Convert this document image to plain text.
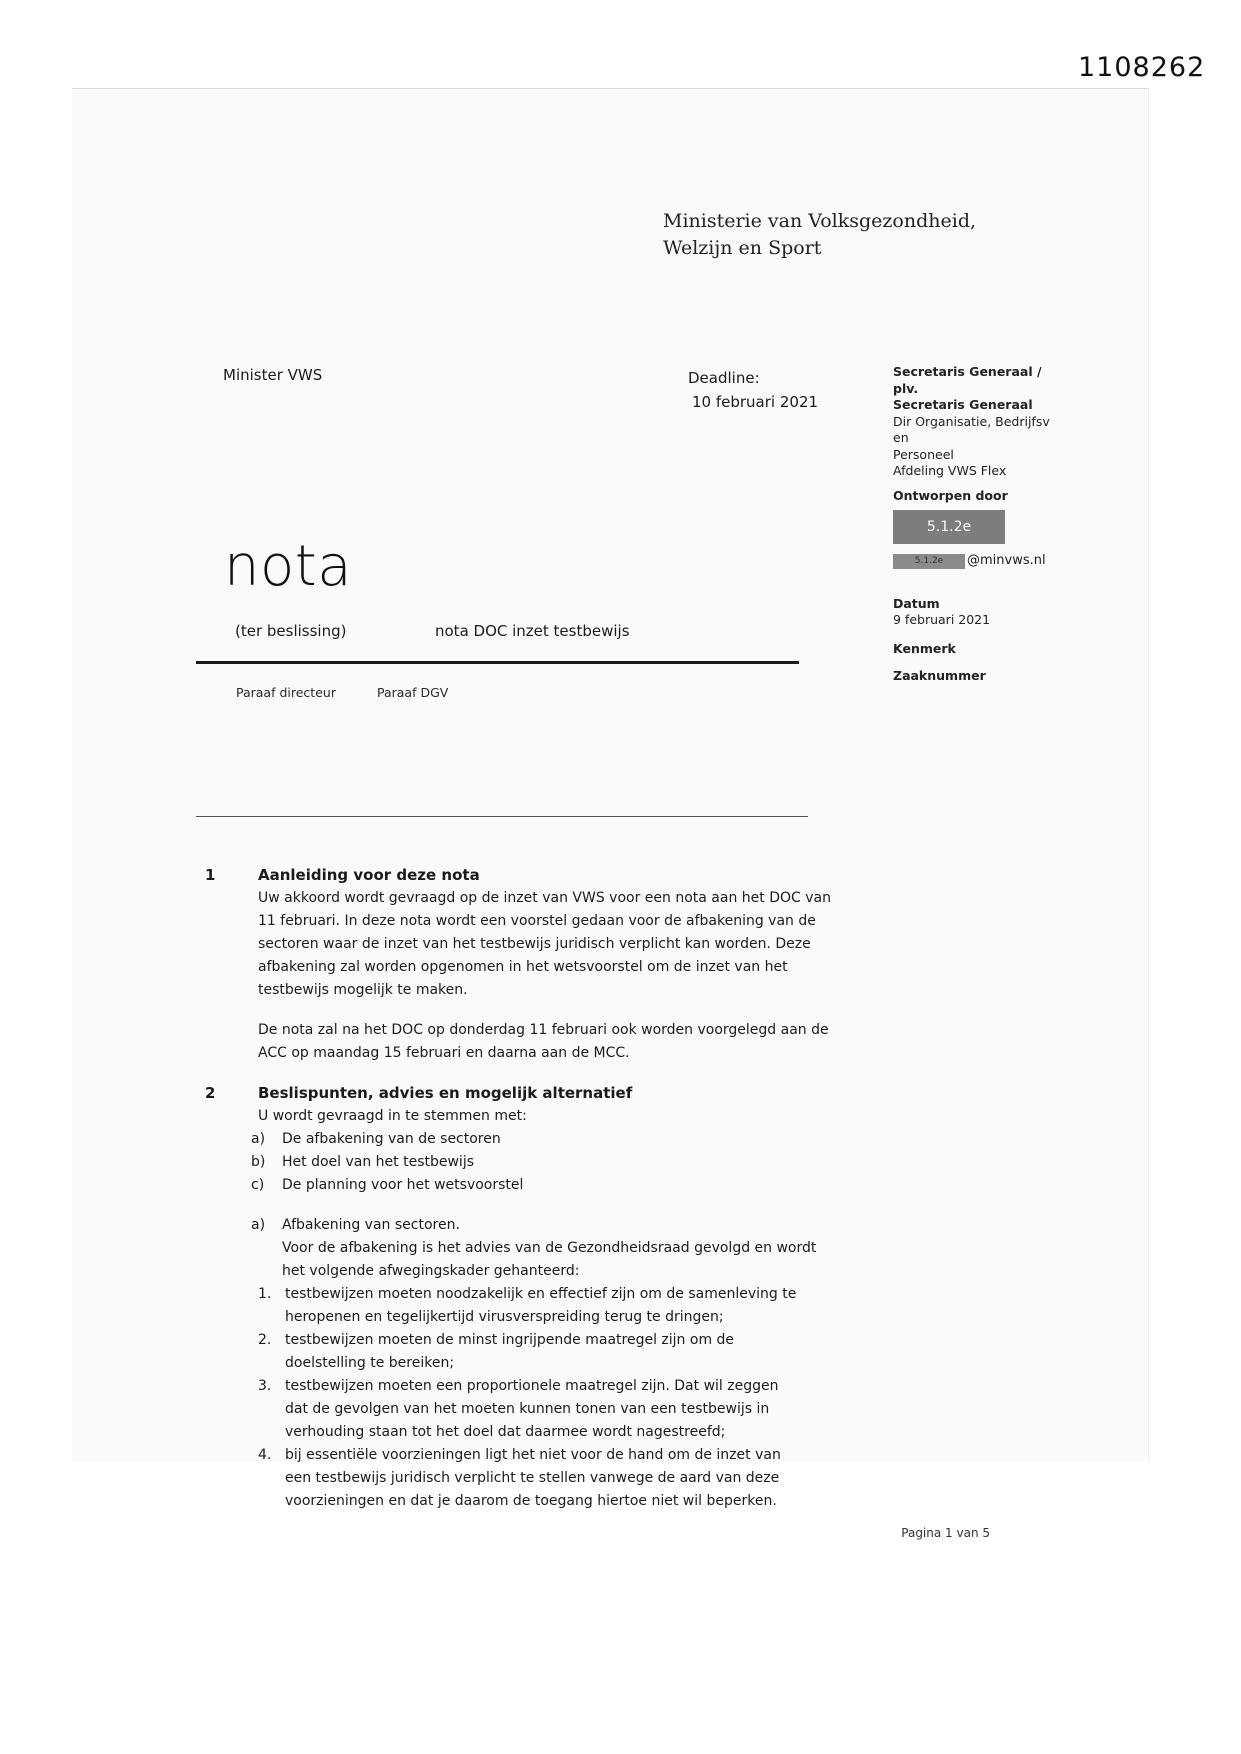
1108262
Ministerie van Volksgezondheid,
Welzijn en Sport
Minister VWS	Deadline:
10 februari 2021
Secretaris Generaal / plv.
Secretaris Generaal
Dir Organisatie, Bedrijfsv en
Personeel
Afdeling VWS Flex
Ontworpen door
5.1.2e
5.1.2e @minvws.nl
Datum
9 februari 2021
Kenmerk
Zaaknummer
nota
(ter beslissing)	nota DOC inzet testbewijs
Paraaf directeur	Paraaf DGV
1	Aanleiding voor deze nota
Uw akkoord wordt gevraagd op de inzet van VWS voor een nota aan het DOC van 11 februari. In deze nota wordt een voorstel gedaan voor de afbakening van de sectoren waar de inzet van het testbewijs juridisch verplicht kan worden. Deze afbakening zal worden opgenomen in het wetsvoorstel om de inzet van het testbewijs mogelijk te maken.
De nota zal na het DOC op donderdag 11 februari ook worden voorgelegd aan de ACC op maandag 15 februari en daarna aan de MCC.
2	Beslispunten, advies en mogelijk alternatief
U wordt gevraagd in te stemmen met:
a)	De afbakening van de sectoren
b)	Het doel van het testbewijs
c)	De planning voor het wetsvoorstel
a)	Afbakening van sectoren.
Voor de afbakening is het advies van de Gezondheidsraad gevolgd en wordt het volgende afwegingskader gehanteerd:
1. testbewijzen moeten noodzakelijk en effectief zijn om de samenleving te heropenen en tegelijkertijd virusverspreiding terug te dringen;
2. testbewijzen moeten de minst ingrijpende maatregel zijn om de doelstelling te bereiken;
3. testbewijzen moeten een proportionele maatregel zijn. Dat wil zeggen dat de gevolgen van het moeten kunnen tonen van een testbewijs in verhouding staan tot het doel dat daarmee wordt nagestreefd;
4. bij essentiële voorzieningen ligt het niet voor de hand om de inzet van een testbewijs juridisch verplicht te stellen vanwege de aard van deze voorzieningen en dat je daarom de toegang hiertoe niet wil beperken.
Pagina 1 van 5
